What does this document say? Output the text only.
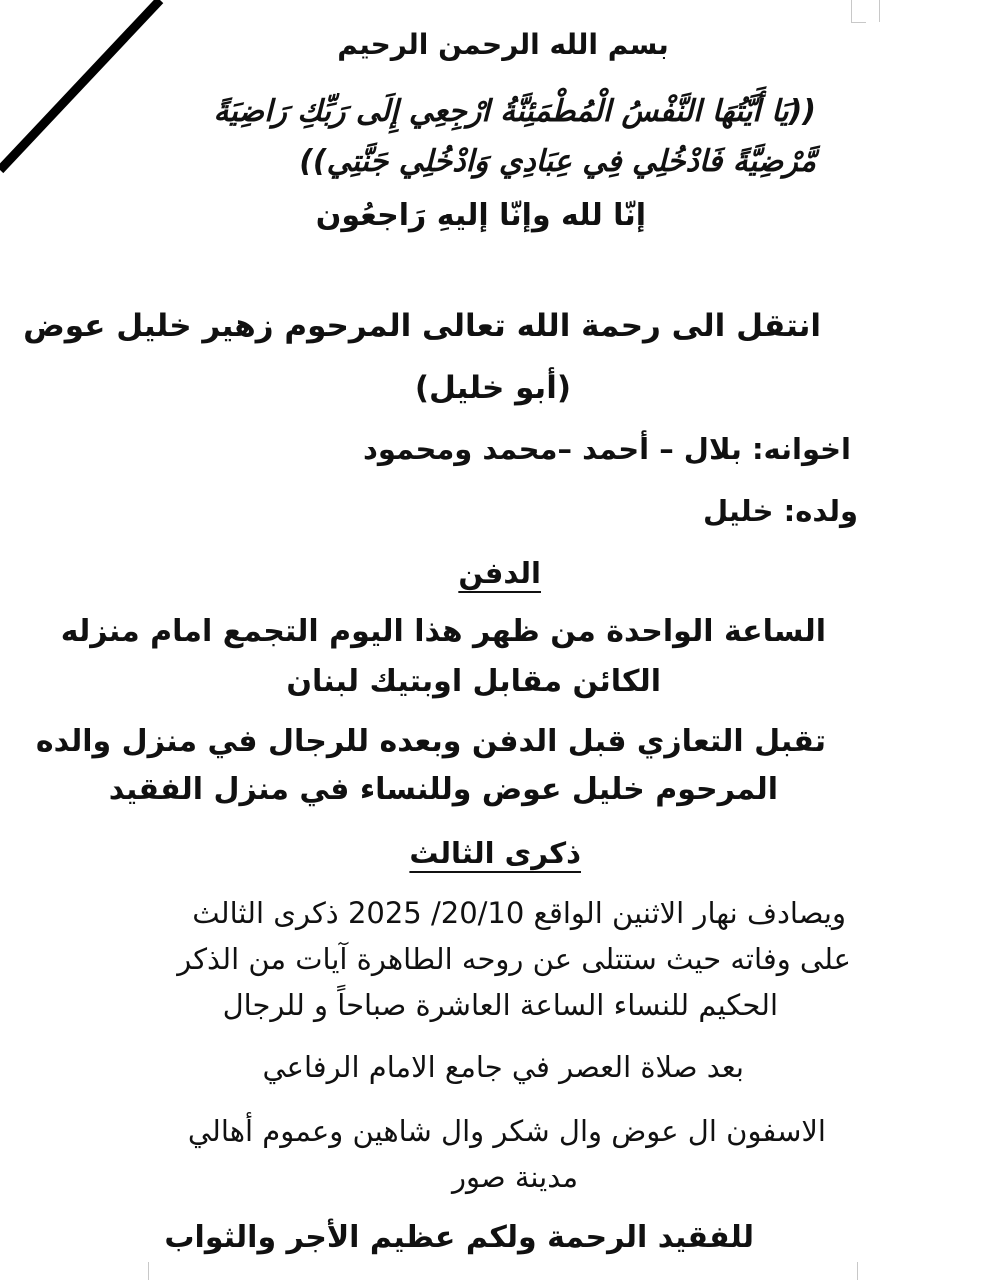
بسم الله الرحمن الرحيم

((يَا أَيَّتُهَا النَّفْسُ الْمُطْمَئِنَّةُ ارْجِعِي إِلَى رَبِّكِ رَاضِيَةً

مَّرْضِيَّةً فَادْخُلِي فِي عِبَادِي وَادْخُلِي جَنَّتِي))

إنّا لله وإنّا إليهِ رَاجعُون

انتقل الى رحمة الله تعالى المرحوم زهير خليل عوض

(أبو خليل)

اخوانه: بلال – أحمد –محمد ومحمود

ولده: خليل

الدفن

الساعة الواحدة من ظهر هذا اليوم التجمع امام منزله

الكائن مقابل اوبتيك لبنان

تقبل التعازي قبل الدفن وبعده للرجال في منزل والده

المرحوم خليل عوض وللنساء في منزل الفقيد

ذكرى الثالث

ويصادف نهار الاثنين الواقع 20/10/ 2025 ذكرى الثالث

على وفاته حيث ستتلى عن روحه الطاهرة آيات من الذكر

الحكيم للنساء الساعة العاشرة صباحاً و للرجال

بعد صلاة العصر في جامع الامام الرفاعي

الاسفون ال عوض وال شكر وال شاهين وعموم أهالي

مدينة صور

للفقيد الرحمة ولكم عظيم الأجر والثواب
